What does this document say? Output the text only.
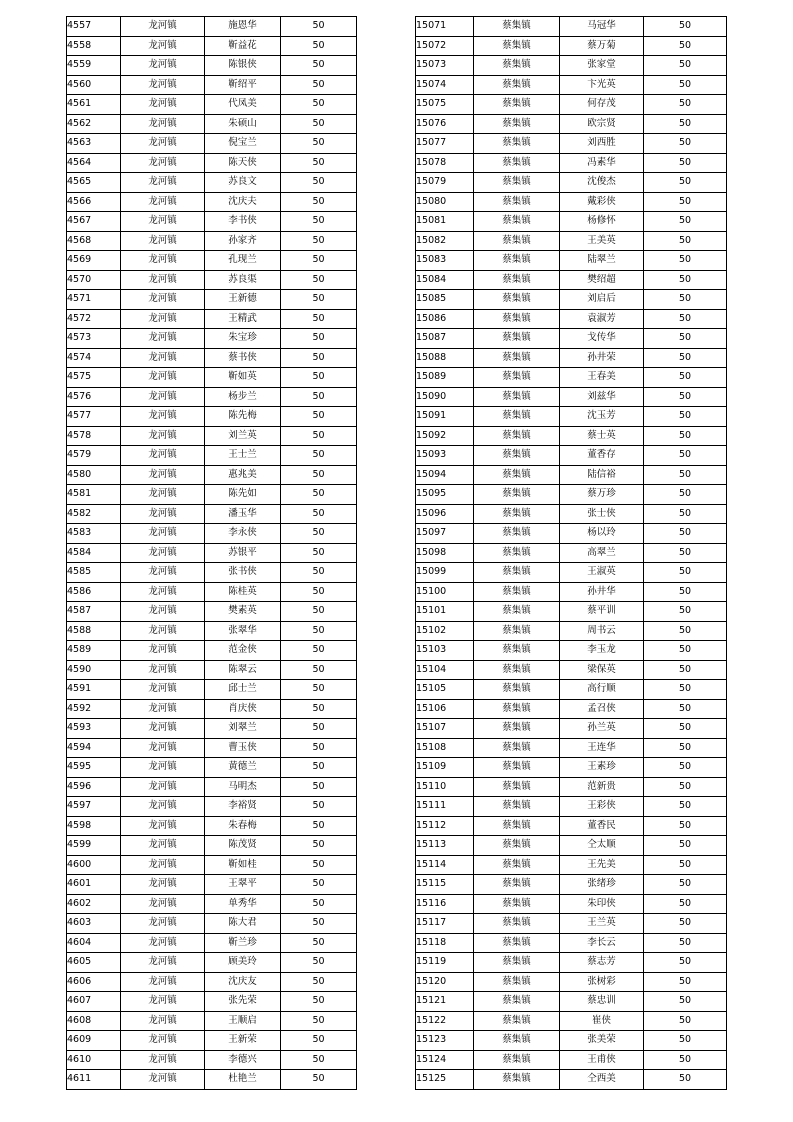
4557	龙河镇	施恩华	50
4558	龙河镇	靳益花	50
4559	龙河镇	陈银侠	50
4560	龙河镇	靳绍平	50
4561	龙河镇	代凤美	50
4562	龙河镇	朱硕山	50
4563	龙河镇	倪宝兰	50
4564	龙河镇	陈天侠	50
4565	龙河镇	苏良文	50
4566	龙河镇	沈庆夫	50
4567	龙河镇	李书侠	50
4568	龙河镇	孙家齐	50
4569	龙河镇	孔现兰	50
4570	龙河镇	苏良渠	50
4571	龙河镇	王新德	50
4572	龙河镇	王精武	50
4573	龙河镇	朱宝珍	50
4574	龙河镇	蔡书侠	50
4575	龙河镇	靳如英	50
4576	龙河镇	杨步兰	50
4577	龙河镇	陈先梅	50
4578	龙河镇	刘兰英	50
4579	龙河镇	王士兰	50
4580	龙河镇	惠兆美	50
4581	龙河镇	陈先如	50
4582	龙河镇	潘玉华	50
4583	龙河镇	李永侠	50
4584	龙河镇	苏银平	50
4585	龙河镇	张书侠	50
4586	龙河镇	陈桂英	50
4587	龙河镇	樊素英	50
4588	龙河镇	张翠华	50
4589	龙河镇	范金侠	50
4590	龙河镇	陈翠云	50
4591	龙河镇	邱士兰	50
4592	龙河镇	肖庆侠	50
4593	龙河镇	刘翠兰	50
4594	龙河镇	曹玉侠	50
4595	龙河镇	黄德兰	50
4596	龙河镇	马明杰	50
4597	龙河镇	李裕贤	50
4598	龙河镇	朱春梅	50
4599	龙河镇	陈茂贤	50
4600	龙河镇	靳如桂	50
4601	龙河镇	王翠平	50
4602	龙河镇	单秀华	50
4603	龙河镇	陈大君	50
4604	龙河镇	靳兰珍	50
4605	龙河镇	顾美玲	50
4606	龙河镇	沈庆友	50
4607	龙河镇	张先荣	50
4608	龙河镇	王顺启	50
4609	龙河镇	王新荣	50
4610	龙河镇	李德兴	50
4611	龙河镇	杜艳兰	50
15071	蔡集镇	马冠华	50
15072	蔡集镇	蔡万菊	50
15073	蔡集镇	张家堂	50
15074	蔡集镇	卞光英	50
15075	蔡集镇	何存茂	50
15076	蔡集镇	欧宗贤	50
15077	蔡集镇	刘西胜	50
15078	蔡集镇	冯素华	50
15079	蔡集镇	沈俊杰	50
15080	蔡集镇	戴彩侠	50
15081	蔡集镇	杨修怀	50
15082	蔡集镇	王美英	50
15083	蔡集镇	陆翠兰	50
15084	蔡集镇	樊绍超	50
15085	蔡集镇	刘启后	50
15086	蔡集镇	袁淑芳	50
15087	蔡集镇	戈传华	50
15088	蔡集镇	孙井荣	50
15089	蔡集镇	王春美	50
15090	蔡集镇	刘兹华	50
15091	蔡集镇	沈玉芳	50
15092	蔡集镇	蔡士英	50
15093	蔡集镇	董香存	50
15094	蔡集镇	陆信裕	50
15095	蔡集镇	蔡万珍	50
15096	蔡集镇	张士侠	50
15097	蔡集镇	杨以玲	50
15098	蔡集镇	高翠兰	50
15099	蔡集镇	王淑英	50
15100	蔡集镇	孙井华	50
15101	蔡集镇	蔡平训	50
15102	蔡集镇	周书云	50
15103	蔡集镇	李玉龙	50
15104	蔡集镇	梁保英	50
15105	蔡集镇	高行顺	50
15106	蔡集镇	孟召侠	50
15107	蔡集镇	孙兰英	50
15108	蔡集镇	王连华	50
15109	蔡集镇	王素珍	50
15110	蔡集镇	范新贵	50
15111	蔡集镇	王彩侠	50
15112	蔡集镇	董香民	50
15113	蔡集镇	仝太顺	50
15114	蔡集镇	王先美	50
15115	蔡集镇	张绪珍	50
15116	蔡集镇	朱印侠	50
15117	蔡集镇	王兰英	50
15118	蔡集镇	李长云	50
15119	蔡集镇	蔡志芳	50
15120	蔡集镇	张树彩	50
15121	蔡集镇	蔡忠训	50
15122	蔡集镇	崔侠	50
15123	蔡集镇	张美荣	50
15124	蔡集镇	王甫侠	50
15125	蔡集镇	仝西美	50
